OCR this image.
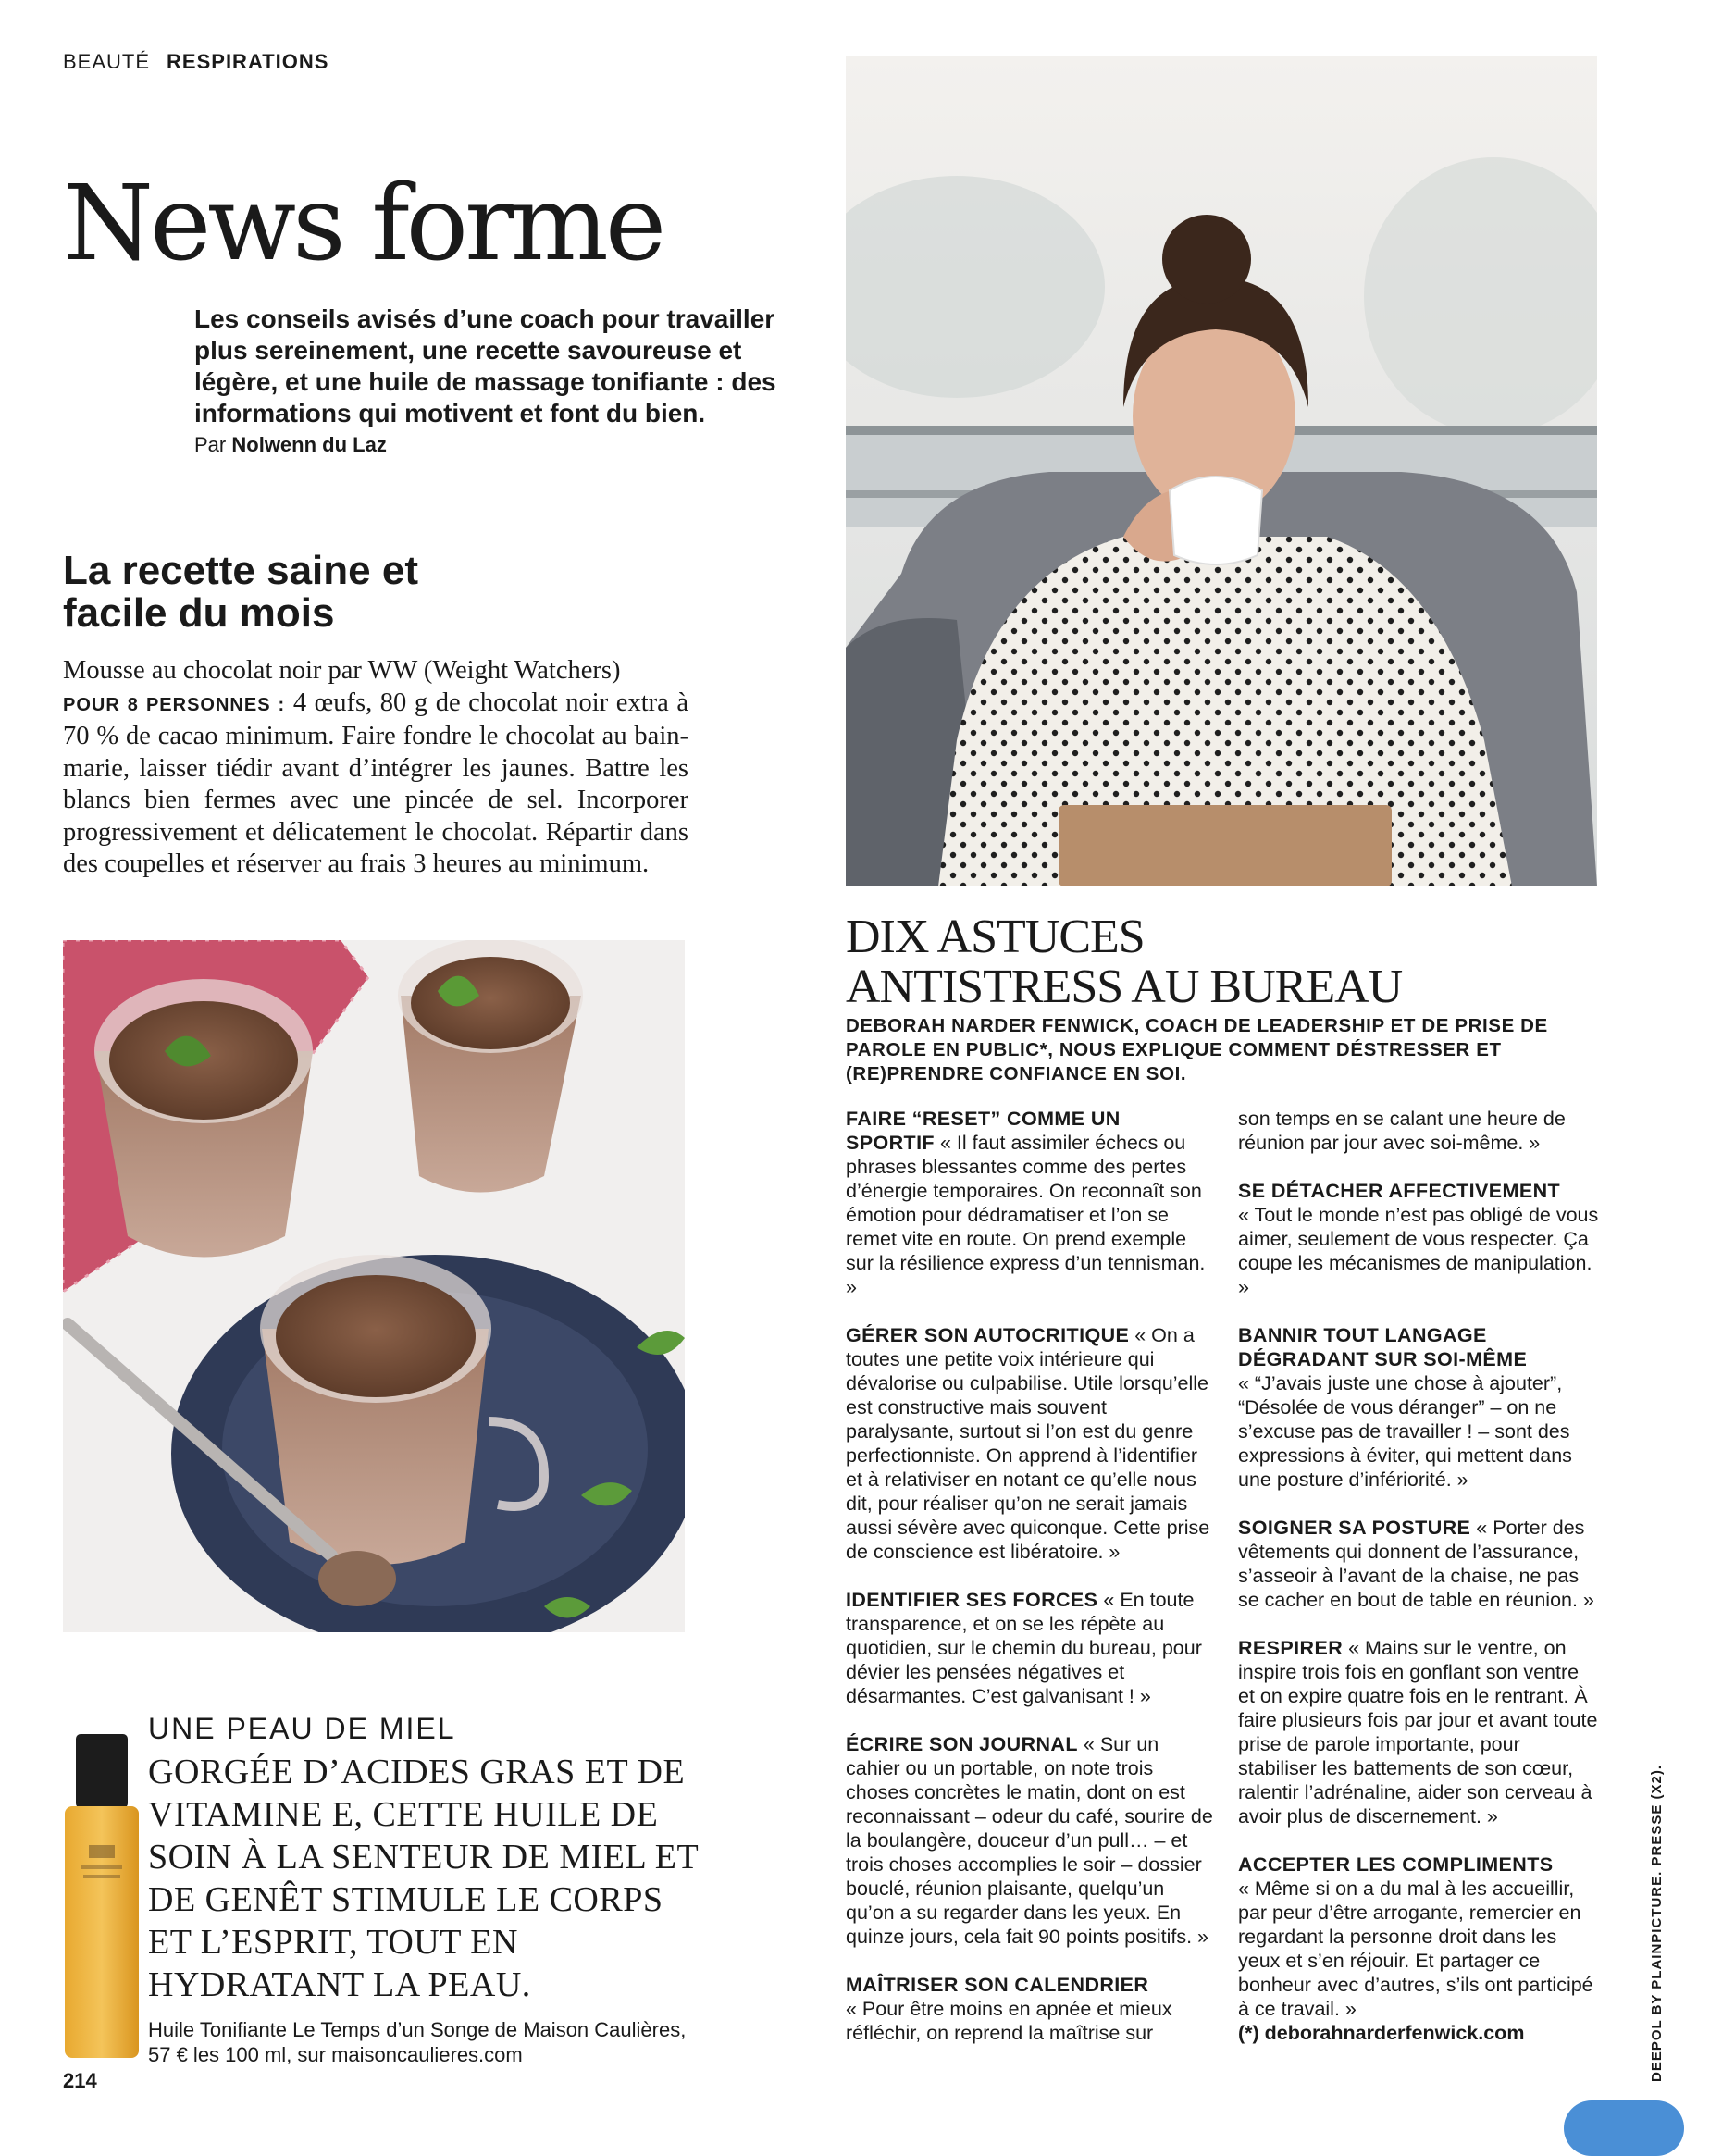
BEAUTÉ RESPIRATIONS
News forme
Les conseils avisés d’une coach pour travailler plus sereinement, une recette savoureuse et légère, et une huile de massage tonifiante : des informations qui motivent et font du bien.
Par Nolwenn du Laz
La recette saine et facile du mois
Mousse au chocolat noir par WW (Weight Watchers)
POUR 8 PERSONNES : 4 œufs, 80 g de chocolat noir extra à 70 % de cacao minimum. Faire fondre le chocolat au bain-marie, laisser tiédir avant d’intégrer les jaunes. Battre les blancs bien fermes avec une pincée de sel. Incorporer progressivement et délicatement le chocolat. Répartir dans des coupelles et réserver au frais 3 heures au minimum.
UNE PEAU DE MIEL
GORGÉE D’ACIDES GRAS ET DE VITAMINE E, CETTE HUILE DE SOIN À LA SENTEUR DE MIEL ET DE GENÊT STIMULE LE CORPS ET L’ESPRIT, TOUT EN HYDRATANT LA PEAU.
Huile Tonifiante Le Temps d’un Songe de Maison Caulières, 57 € les 100 ml, sur maisoncaulieres.com
214
DIX ASTUCES
ANTISTRESS AU BUREAU
DEBORAH NARDER FENWICK, COACH DE LEADERSHIP ET DE PRISE DE PAROLE EN PUBLIC*, NOUS EXPLIQUE COMMENT DÉSTRESSER ET (RE)PRENDRE CONFIANCE EN SOI.

FAIRE “RESET” COMME UN SPORTIF « Il faut assimiler échecs ou phrases blessantes comme des pertes d’énergie temporaires. On reconnaît son émotion pour dédramatiser et l’on se remet vite en route. On prend exemple sur la résilience express d’un tennisman. »

GÉRER SON AUTOCRITIQUE « On a toutes une petite voix intérieure qui dévalorise ou culpabilise. Utile lorsqu’elle est constructive mais souvent paralysante, surtout si l’on est du genre perfectionniste. On apprend à l’identifier et à relativiser en notant ce qu’elle nous dit, pour réaliser qu’on ne serait jamais aussi sévère avec quiconque. Cette prise de conscience est libératoire. »

IDENTIFIER SES FORCES « En toute transparence, et on se les répète au quotidien, sur le chemin du bureau, pour dévier les pensées négatives et désarmantes. C’est galvanisant ! »

ÉCRIRE SON JOURNAL « Sur un cahier ou un portable, on note trois choses concrètes le matin, dont on est reconnaissant – odeur du café, sourire de la boulangère, douceur d’un pull… – et trois choses accomplies le soir – dossier bouclé, réunion plaisante, quelqu’un qu’on a su regarder dans les yeux. En quinze jours, cela fait 90 points positifs. »

MAÎTRISER SON CALENDRIER
« Pour être moins en apnée et mieux réfléchir, on reprend la maîtrise sur

son temps en se calant une heure de réunion par jour avec soi-même. »

SE DÉTACHER AFFECTIVEMENT
« Tout le monde n’est pas obligé de vous aimer, seulement de vous respecter. Ça coupe les mécanismes de manipulation. »

BANNIR TOUT LANGAGE DÉGRADANT SUR SOI-MÊME
« “J’avais juste une chose à ajouter”, “Désolée de vous déranger” – on ne s’excuse pas de travailler ! – sont des expressions à éviter, qui mettent dans une posture d’infériorité. »

SOIGNER SA POSTURE « Porter des vêtements qui donnent de l’assurance, s’asseoir à l’avant de la chaise, ne pas se cacher en bout de table en réunion. »

RESPIRER « Mains sur le ventre, on inspire trois fois en gonflant son ventre et on expire quatre fois en le rentrant. À faire plusieurs fois par jour et avant toute prise de parole importante, pour stabiliser les battements de son cœur, ralentir l’adrénaline, aider son cerveau à avoir plus de discernement. »

ACCEPTER LES COMPLIMENTS
« Même si on a du mal à les accueillir, par peur d’être arrogante, remercier en regardant la personne droit dans les yeux et s’en réjouir. Et partager ce bonheur avec d’autres, s’ils ont participé à ce travail. »
(*) deborahnarderfenwick.com	DEEPOL BY PLAINPICTURE. PRESSE (X2).
